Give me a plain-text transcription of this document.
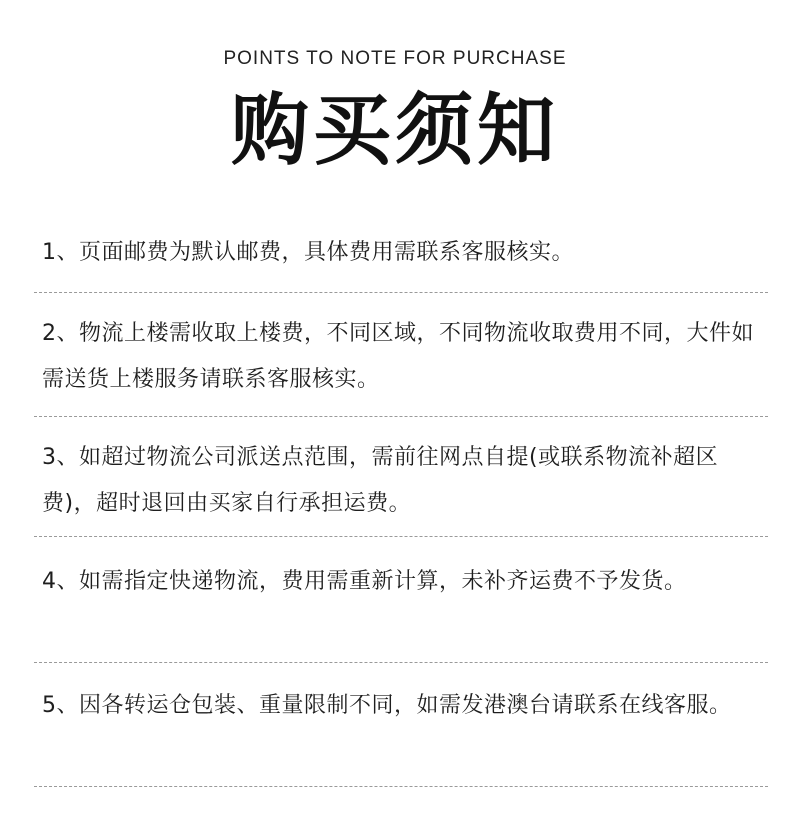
POINTS TO NOTE FOR PURCHASE
购买须知
1、页面邮费为默认邮费，具体费用需联系客服核实。
2、物流上楼需收取上楼费，不同区域，不同物流收取费用不同，大件如需送货上楼服务请联系客服核实。
3、如超过物流公司派送点范围，需前往网点自提(或联系物流补超区费)，超时退回由买家自行承担运费。
4、如需指定快递物流，费用需重新计算，未补齐运费不予发货。
5、因各转运仓包装、重量限制不同，如需发港澳台请联系在线客服。
